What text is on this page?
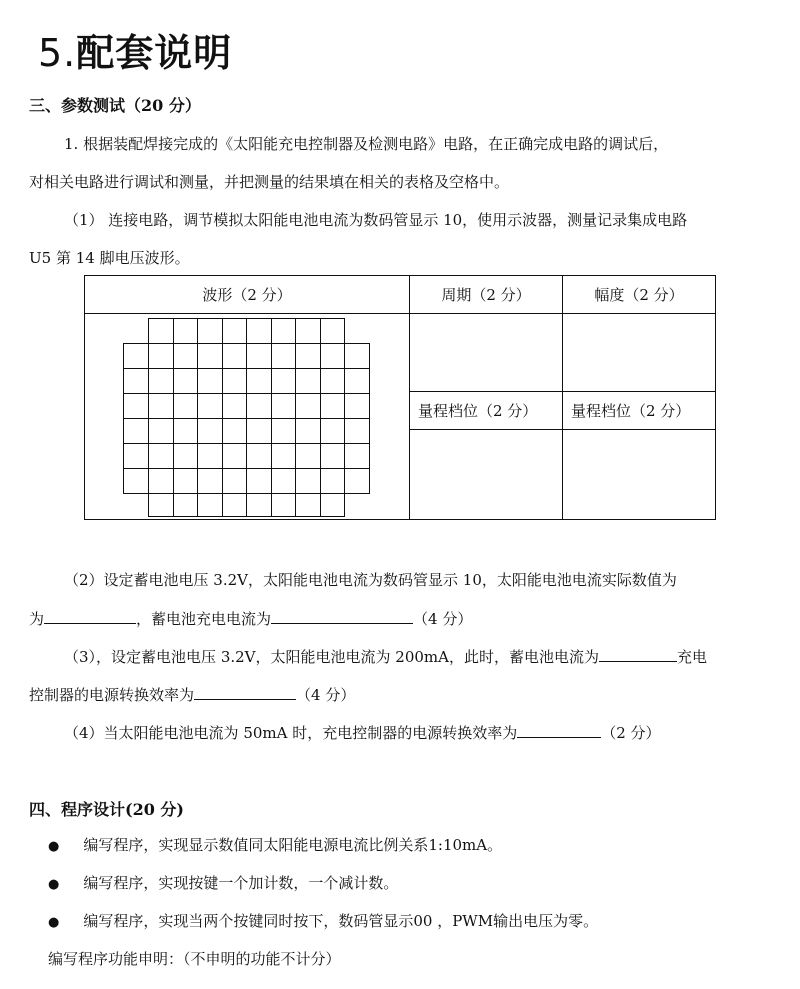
5.配套说明
三、参数测试（20 分）
1. 根据装配焊接完成的《太阳能充电控制器及检测电路》电路，在正确完成电路的调试后，
对相关电路进行调试和测量，并把测量的结果填在相关的表格及空格中。
（1） 连接电路，调节模拟太阳能电池电流为数码管显示 10，使用示波器，测量记录集成电路
U5 第 14 脚电压波形。
波形（2 分）	周期（2 分）	幅度（2 分）

	量程档位（2 分）	量程档位（2 分）

（2）设定蓄电池电压 3.2V，太阳能电池电流为数码管显示 10，太阳能电池电流实际数值为
为	，蓄电池充电电流为	（4 分）
（3），设定蓄电池电压 3.2V，太阳能电池电流为 200mA，此时，蓄电池电流为	充电
控制器的电源转换效率为	（4 分）
（4）当太阳能电池电流为 50mA 时，充电控制器的电源转换效率为	（2 分）
四、程序设计(20 分)
● 编写程序，实现显示数值同太阳能电源电流比例关系1:10mA。
● 编写程序，实现按键一个加计数，一个减计数。
● 编写程序，实现当两个按键同时按下，数码管显示00 ，PWM输出电压为零。
编写程序功能申明：（不申明的功能不计分）
